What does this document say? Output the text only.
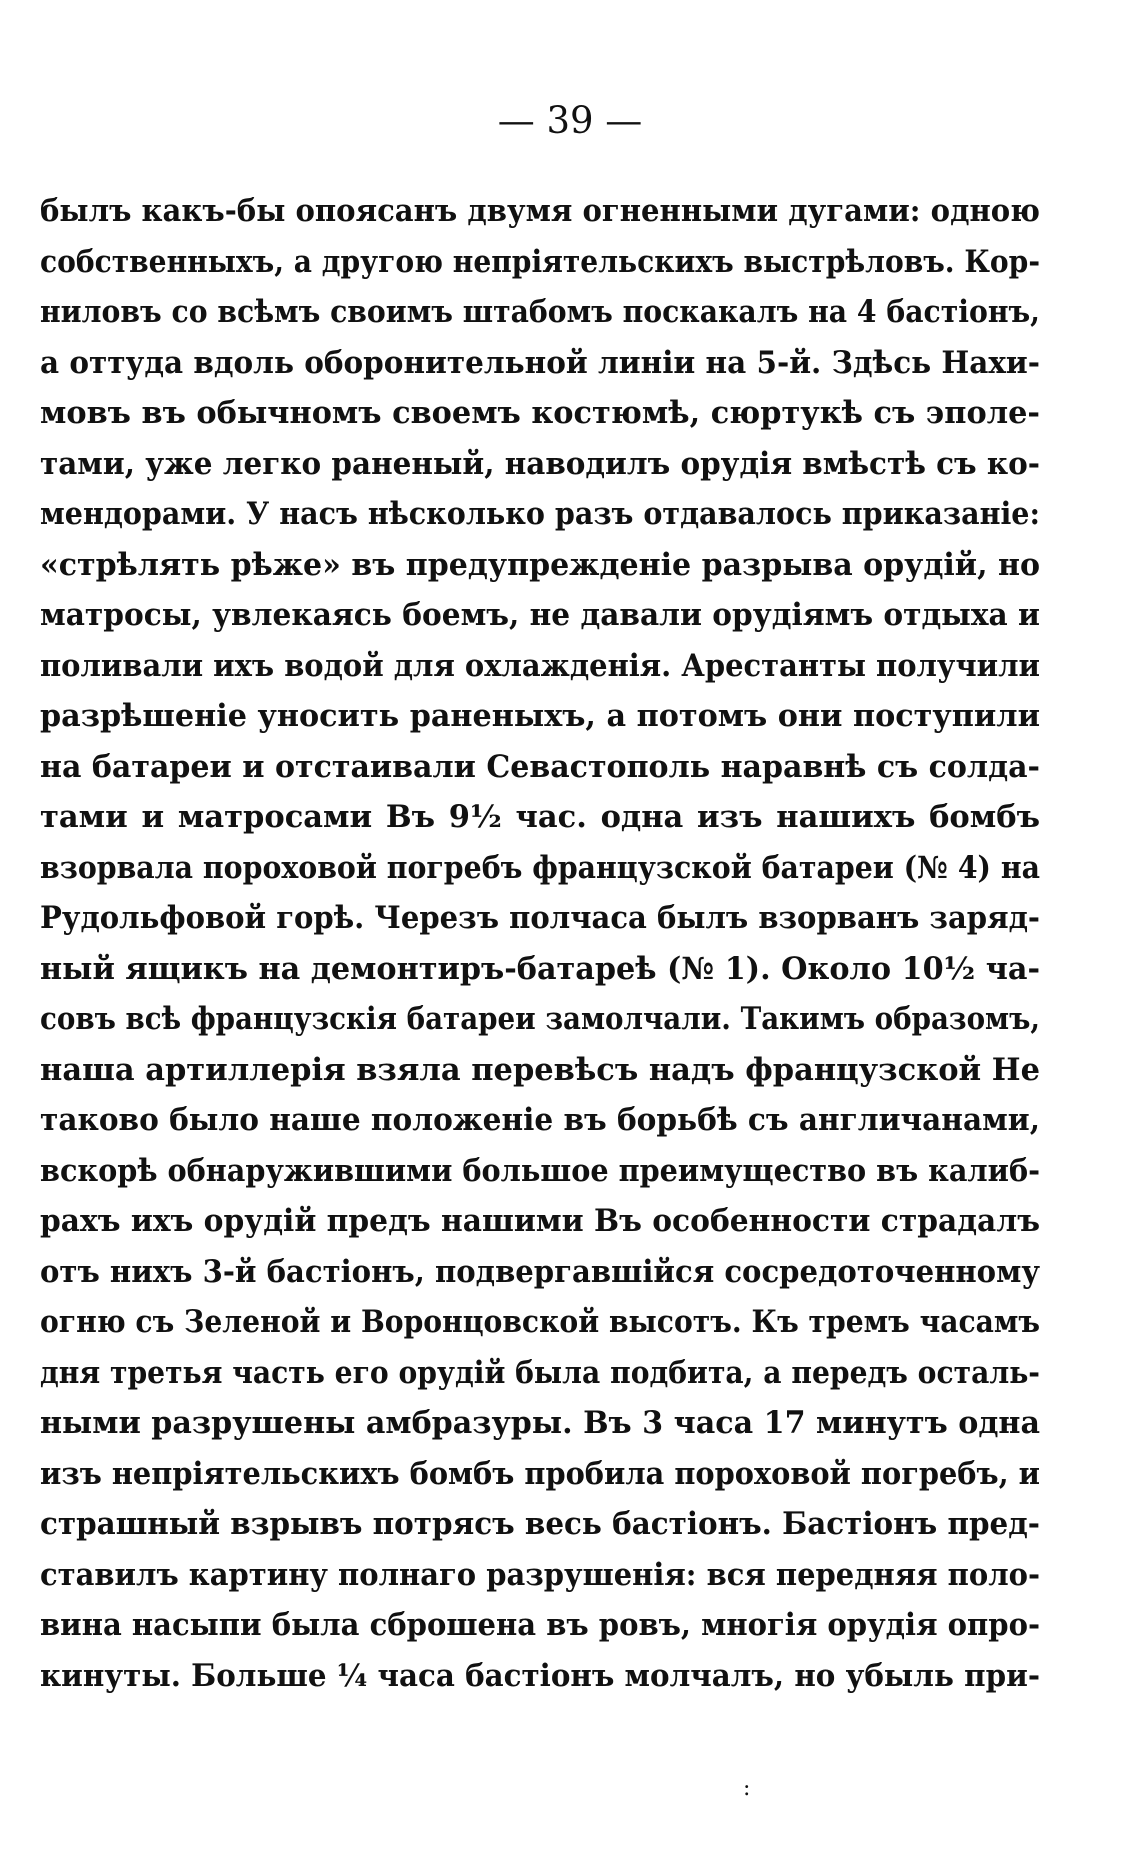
— 39 —
былъ какъ-бы опоясанъ двумя огненными дугами: одною
собственныхъ, а другою непріятельскихъ выстрѣловъ. Кор-
ниловъ со всѣмъ своимъ штабомъ поскакалъ на 4 бастіонъ,
а оттуда вдоль оборонительной линіи на 5-й. Здѣсь Нахи-
мовъ въ обычномъ своемъ костюмѣ, сюртукѣ съ эполе-
тами, уже легко раненый, наводилъ орудія вмѣстѣ съ ко-
мендорами. У насъ нѣсколько разъ отдавалось приказаніе:
«стрѣлять рѣже» въ предупрежденіе разрыва орудій, но
матросы, увлекаясь боемъ, не давали орудіямъ отдыха и
поливали ихъ водой для охлажденія. Арестанты получили
разрѣшеніе уносить раненыхъ, а потомъ они поступили
на батареи и отстаивали Севастополь наравнѣ съ солда-
тами и матросами Въ 9½ час. одна изъ нашихъ бомбъ
взорвала пороховой погребъ французской батареи (№ 4) на
Рудольфовой горѣ. Черезъ полчаса былъ взорванъ заряд-
ный ящикъ на демонтиръ-батареѣ (№ 1). Около 10½ ча-
совъ всѣ французскія батареи замолчали. Такимъ образомъ,
наша артиллерія взяла перевѣсъ надъ французской Не
таково было наше положеніе въ борьбѣ съ англичанами,
вскорѣ обнаружившими большое преимущество въ калиб-
рахъ ихъ орудій предъ нашими Въ особенности страдалъ
отъ нихъ 3-й бастіонъ, подвергавшійся сосредоточенному
огню съ Зеленой и Воронцовской высотъ. Къ тремъ часамъ
дня третья часть его орудій была подбита, а передъ осталь-
ными разрушены амбразуры. Въ 3 часа 17 минутъ одна
изъ непріятельскихъ бомбъ пробила пороховой погребъ, и
страшный взрывъ потрясъ весь бастіонъ. Бастіонъ пред-
ставилъ картину полнаго разрушенія: вся передняя поло-
вина насыпи была сброшена въ ровъ, многія орудія опро-
кинуты. Больше ¼ часа бастіонъ молчалъ, но убыль при-
:
